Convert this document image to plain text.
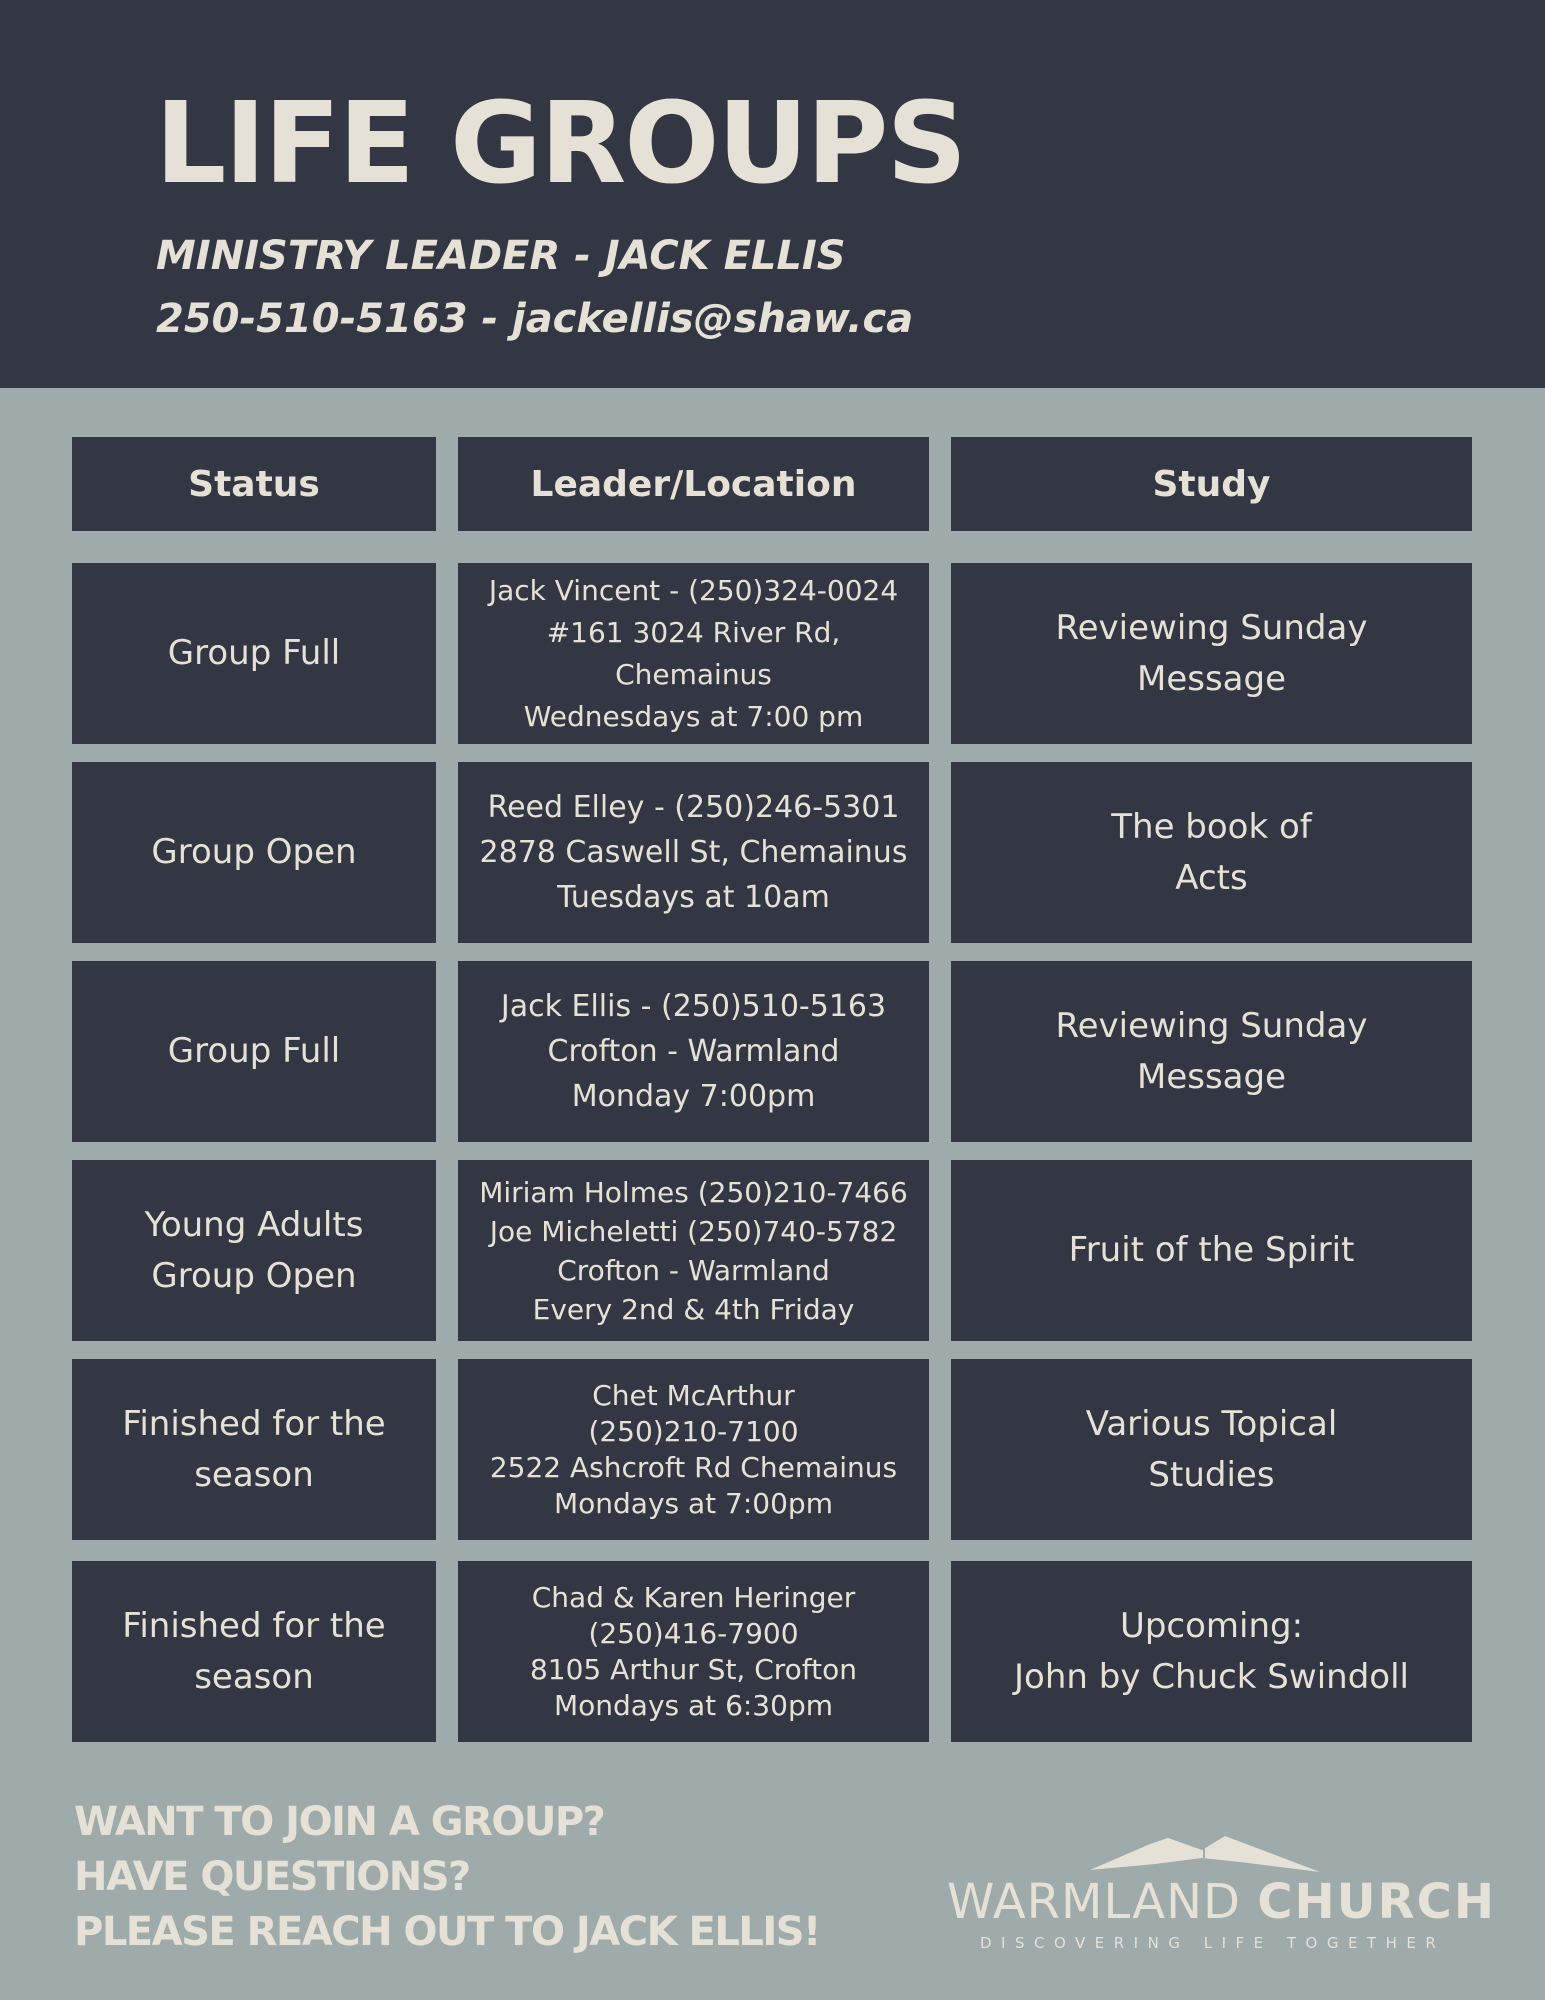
LIFE GROUPS
MINISTRY LEADER - JACK ELLIS
250-510-5163 - jackellis@shaw.ca
Status	Leader/Location	Study
Group Full
Jack Vincent - (250)324-0024
#161 3024 River Rd,
Chemainus
Wednesdays at 7:00 pm
Reviewing Sunday
Message
Group Open
Reed Elley - (250)246-5301
2878 Caswell St, Chemainus
Tuesdays at 10am
The book of
Acts
Group Full
Jack Ellis - (250)510-5163
Crofton - Warmland
Monday 7:00pm
Reviewing Sunday
Message
Young Adults
Group Open
Miriam Holmes (250)210-7466
Joe Micheletti (250)740-5782
Crofton - Warmland
Every 2nd & 4th Friday
Fruit of the Spirit
Finished for the
season
Chet McArthur
(250)210-7100
2522 Ashcroft Rd Chemainus
Mondays at 7:00pm
Various Topical
Studies
Finished for the
season
Chad & Karen Heringer
(250)416-7900
8105 Arthur St, Crofton
Mondays at 6:30pm
Upcoming:
John by Chuck Swindoll
WANT TO JOIN A GROUP?
HAVE QUESTIONS?
PLEASE REACH OUT TO JACK ELLIS!
WARMLAND CHURCH
DISCOVERING LIFE TOGETHER
